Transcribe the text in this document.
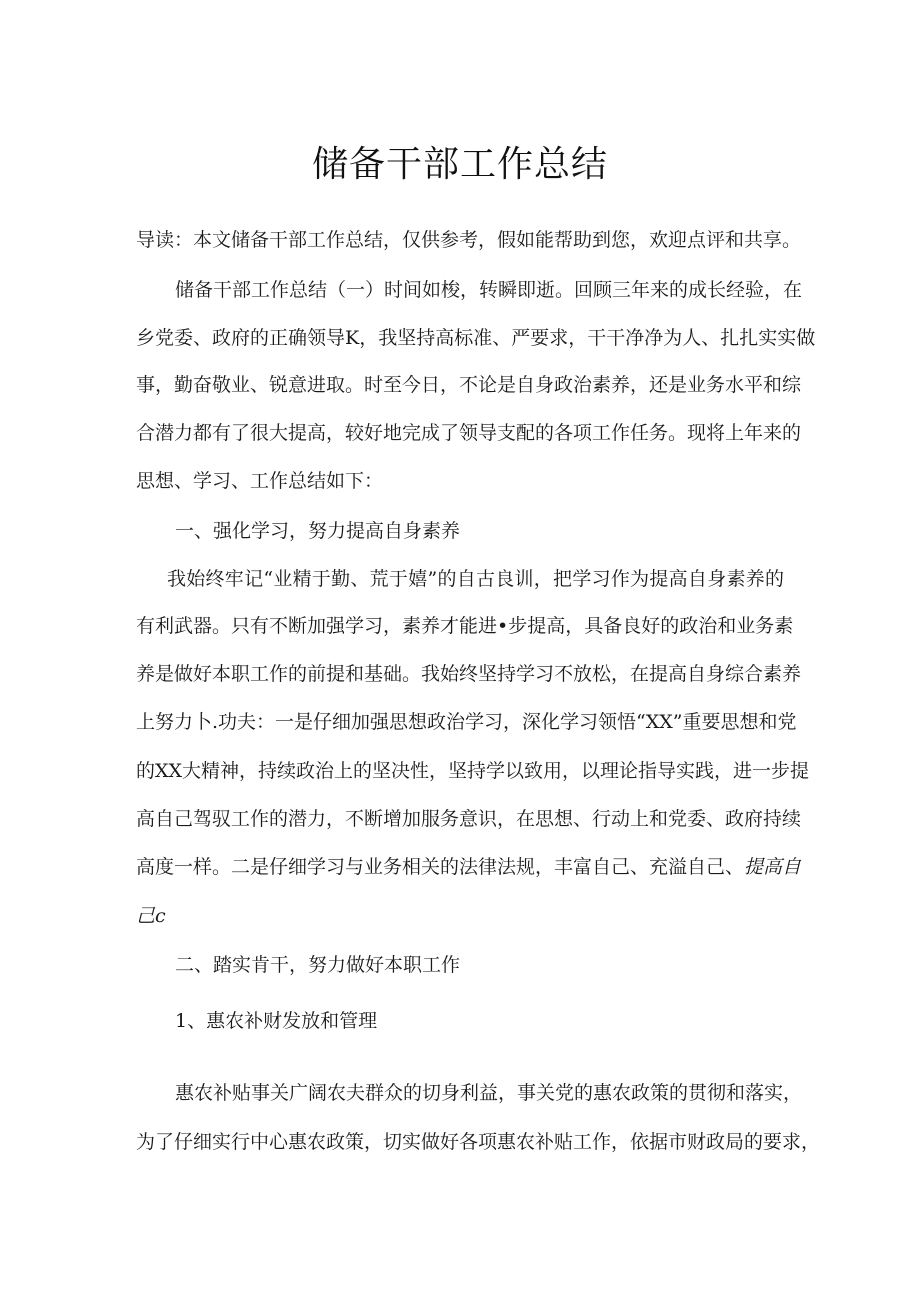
储备干部工作总结
导读：本文储备干部工作总结，仅供参考，假如能帮助到您，欢迎点评和共享。
储备干部工作总结（一）时间如梭，转瞬即逝。回顾三年来的成长经验，在
乡党委、政府的正确领导K，我坚持高标准、严要求，干干净净为人、扎扎实实做
事，勤奋敬业、锐意进取。时至今日，不论是自身政治素养，还是业务水平和综
合潜力都有了很大提高，较好地完成了领导支配的各项工作任务。现将上年来的
思想、学习、工作总结如下：
一、强化学习，努力提高自身素养
我始终牢记“业精于勤、荒于嬉”的自古良训，把学习作为提高自身素养的
有利武器。只有不断加强学习，素养才能进•步提高，具备良好的政治和业务素
养是做好本职工作的前提和基础。我始终坚持学习不放松，在提高自身综合素养
上努力卜.功夫：一是仔细加强思想政治学习，深化学习领悟“XX”重要思想和党
的XX大精神，持续政治上的坚决性，坚持学以致用，以理论指导实践，进一步提
高自己驾驭工作的潜力，不断增加服务意识，在思想、行动上和党委、政府持续
高度一样。二是仔细学习与业务相关的法律法规，丰富自己、充溢自己、提高自
己c
二、踏实肯干，努力做好本职工作
1、惠农补财发放和管理
惠农补贴事关广阔农夫群众的切身利益，事关党的惠农政策的贯彻和落实，
为了仔细实行中心惠农政策，切实做好各项惠农补贴工作，依据市财政局的要求，
